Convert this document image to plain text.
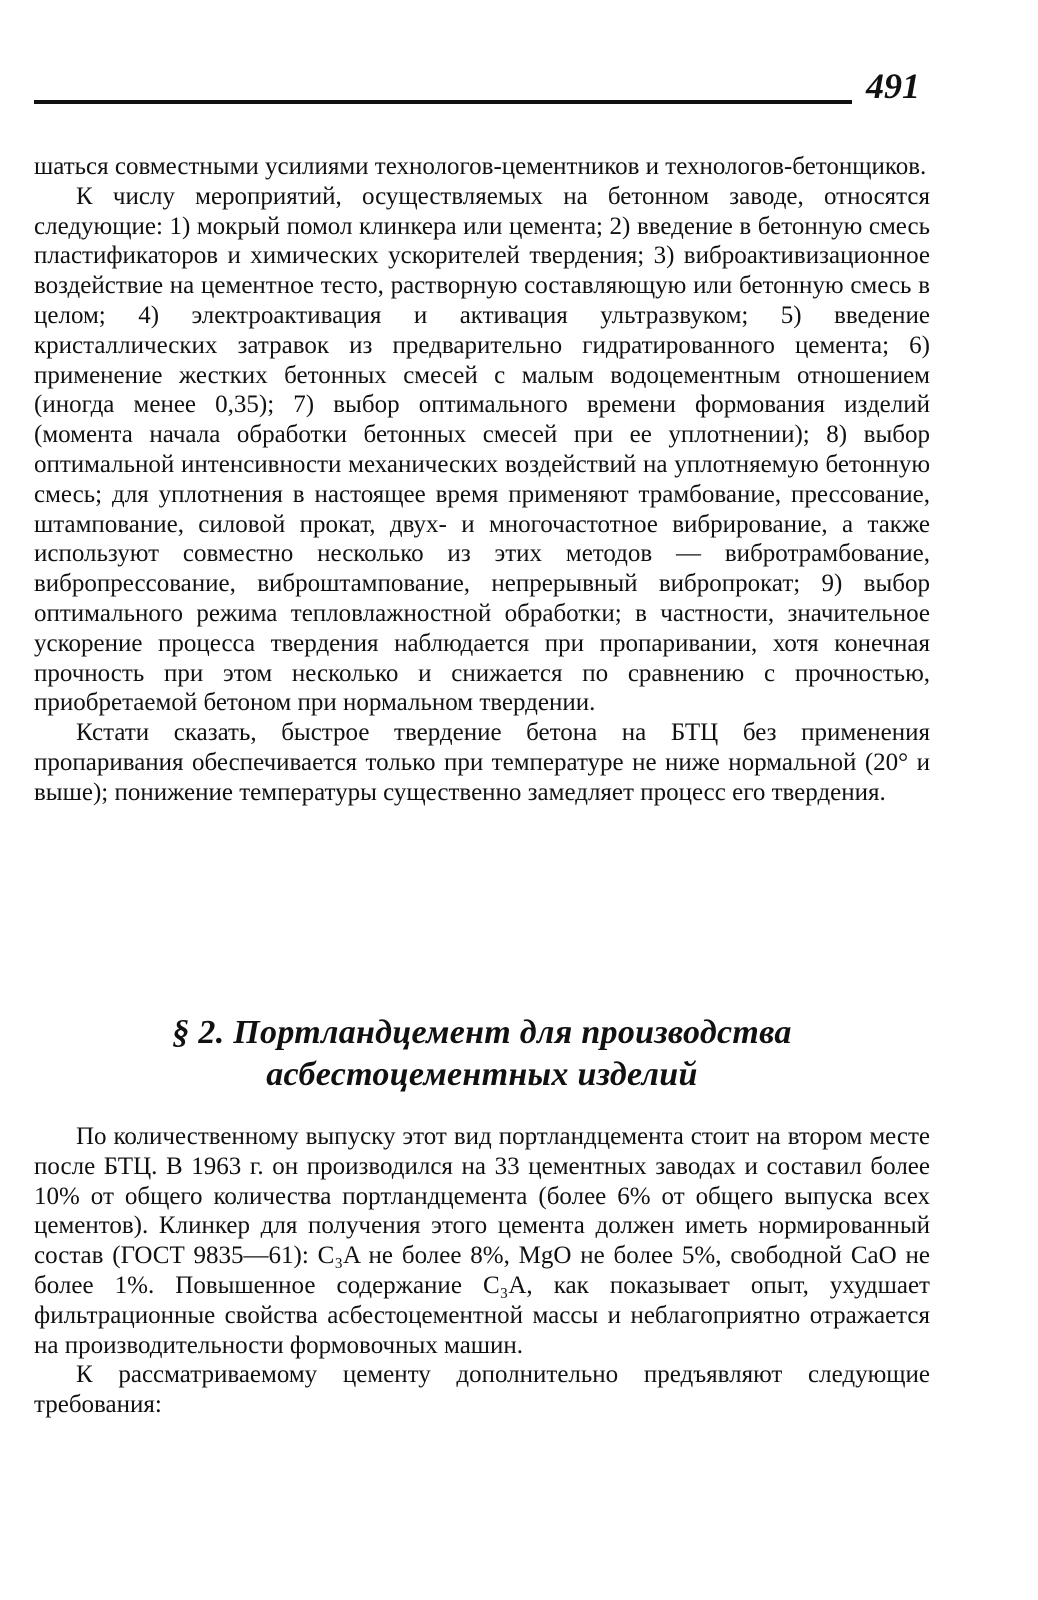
491

шаться совместными усилиями технологов-цементников и технологов-бетонщиков.

К числу мероприятий, осуществляемых на бетонном заводе, относятся следующие: 1) мокрый помол клинкера или цемента; 2) введение в бетонную смесь пластификаторов и химических ускорителей твердения; 3) виброактивизационное воздействие на цементное тесто, растворную составляющую или бетонную смесь в целом; 4) электроактивация и активация ультразвуком; 5) введение кристаллических затравок из предварительно гидратированного цемента; 6) применение жестких бетонных смесей с малым водоцементным отношением (иногда менее 0,35); 7) выбор оптимального времени формования изделий (момента начала обработки бетонных смесей при ее уплотнении); 8) выбор оптимальной интенсивности механических воздействий на уплотняемую бетонную смесь; для уплотнения в настоящее время применяют трамбование, прессование, штампование, силовой прокат, двух- и многочастотное вибрирование, а также используют совместно несколько из этих методов — вибротрамбование, вибропрессование, виброштампование, непрерывный вибропрокат; 9) выбор оптимального режима тепловлажностной обработки; в частности, значительное ускорение процесса твердения наблюдается при пропаривании, хотя конечная прочность при этом несколько и снижается по сравнению с прочностью, приобретаемой бетоном при нормальном твердении.

Кстати сказать, быстрое твердение бетона на БТЦ без применения пропаривания обеспечивается только при температуре не ниже нормальной (20° и выше); понижение температуры существенно замедляет процесс его твердения.

§ 2. Портландцемент для производства
асбестоцементных изделий

По количественному выпуску этот вид портландцемента стоит на втором месте после БТЦ. В 1963 г. он производился на 33 цементных заводах и составил более 10% от общего количества портландцемента (более 6% от общего выпуска всех цементов). Клинкер для получения этого цемента должен иметь нормированный состав (ГОСТ 9835—61): C₃A не более 8%, MgO не более 5%, свободной CaO не более 1%. Повышенное содержание C₃A, как показывает опыт, ухудшает фильтрационные свойства асбестоцементной массы и неблагоприятно отражается на производительности формовочных машин.

К рассматриваемому цементу дополнительно предъявляют следующие требования:
